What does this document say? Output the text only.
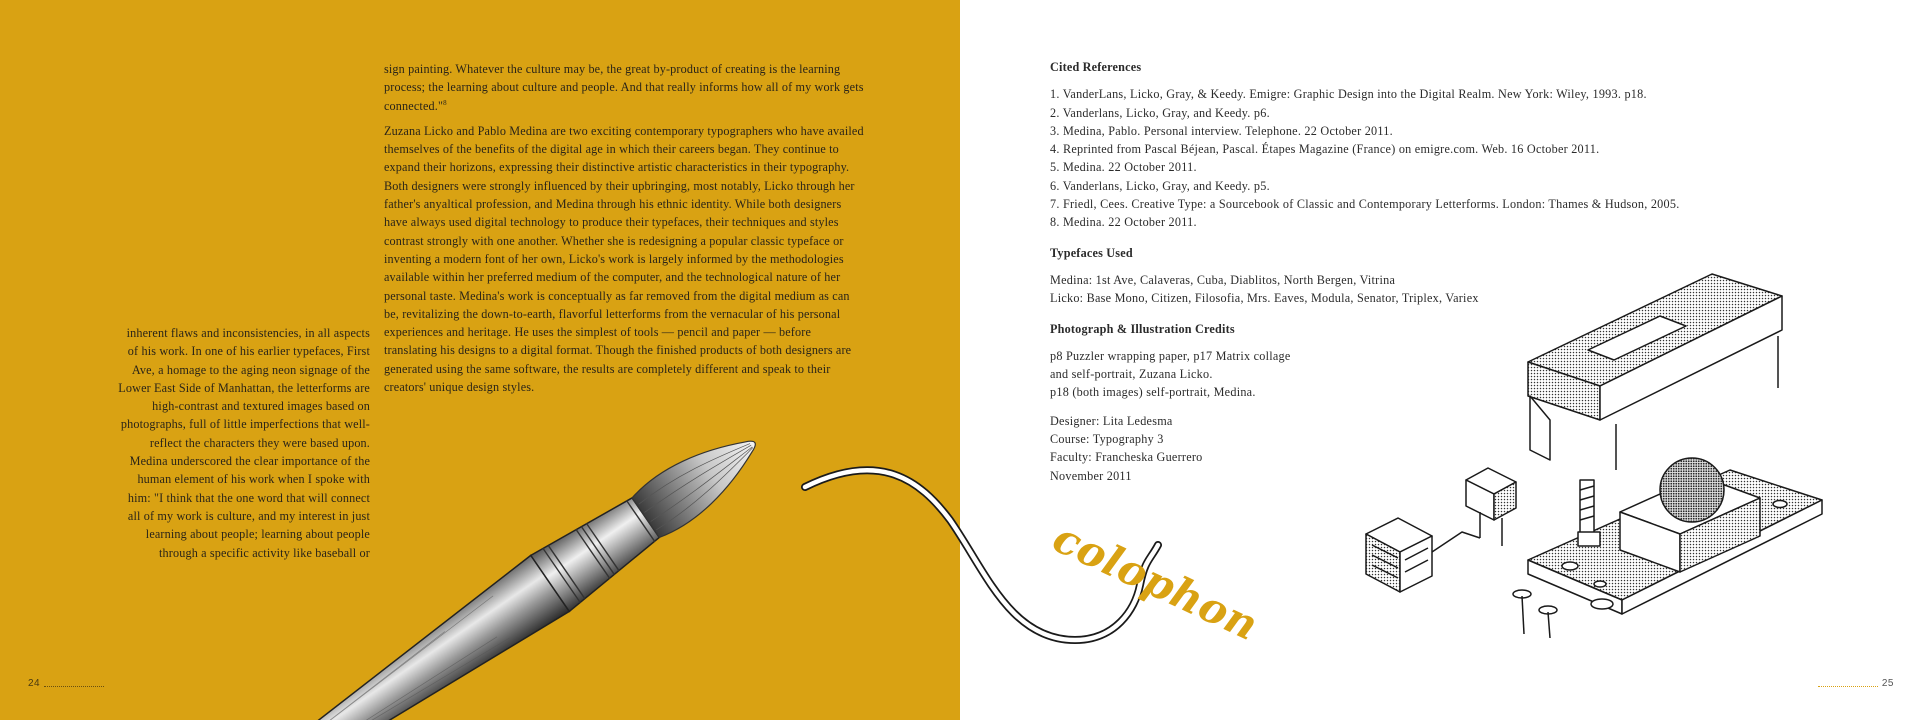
inherent flaws and inconsistencies, in all aspects of his work. In one of his earlier typefaces, First Ave, a homage to the aging neon signage of the Lower East Side of Manhattan, the letterforms are high-contrast and textured images based on photographs, full of little imperfections that well-reflect the characters they were based upon. Medina underscored the clear importance of the human element of his work when I spoke with him: "I think that the one word that will connect all of my work is culture, and my interest in just learning about people; learning about people through a specific activity like baseball or

sign painting. Whatever the culture may be, the great by-product of creating is the learning process; the learning about culture and people. And that really informs how all of my work gets connected."$^8$

Zuzana Licko and Pablo Medina are two exciting contemporary typographers who have availed themselves of the benefits of the digital age in which their careers began. They continue to expand their horizons, expressing their distinctive artistic characteristics in their typography. Both designers were strongly influenced by their upbringing, most notably, Licko through her father's anyaltical profession, and Medina through his ethnic identity. While both designers have always used digital technology to produce their typefaces, their techniques and styles contrast strongly with one another. Whether she is redesigning a popular classic typeface or inventing a modern font of her own, Licko's work is largely informed by the methodologies available within her preferred medium of the computer, and the technological nature of her personal taste. Medina's work is conceptually as far removed from the digital medium as can be, revitalizing the down-to-earth, flavorful letterforms from the vernacular of his personal experiences and heritage. He uses the simplest of tools — pencil and paper — before translating his designs to a digital format. Though the finished products of both designers are generated using the same software, the results are completely different and speak to their creators' unique design styles.

colophon
Cited References
1. VanderLans, Licko, Gray, & Keedy. Emigre: Graphic Design into the Digital Realm. New York: Wiley, 1993. p18.
2. Vanderlans, Licko, Gray, and Keedy. p6.
3. Medina, Pablo. Personal interview. Telephone. 22 October 2011.
4. Reprinted from Pascal Béjean, Pascal. Étapes Magazine (France) on emigre.com. Web. 16 October 2011.
5. Medina. 22 October 2011.
6. Vanderlans, Licko, Gray, and Keedy. p5.
7. Friedl, Cees. Creative Type: a Sourcebook of Classic and Contemporary Letterforms. London: Thames & Hudson, 2005.
8. Medina. 22 October 2011.
Typefaces Used
Medina: 1st Ave, Calaveras, Cuba, Diablitos, North Bergen, Vitrina
Licko: Base Mono, Citizen, Filosofia, Mrs. Eaves, Modula, Senator, Triplex, Variex
Photograph & Illustration Credits
p8 Puzzler wrapping paper, p17 Matrix collage
and self-portrait, Zuzana Licko.
p18 (both images) self-portrait, Medina.
Designer: Lita Ledesma
Course: Typography 3
Faculty: Francheska Guerrero
November 2011
24	25
